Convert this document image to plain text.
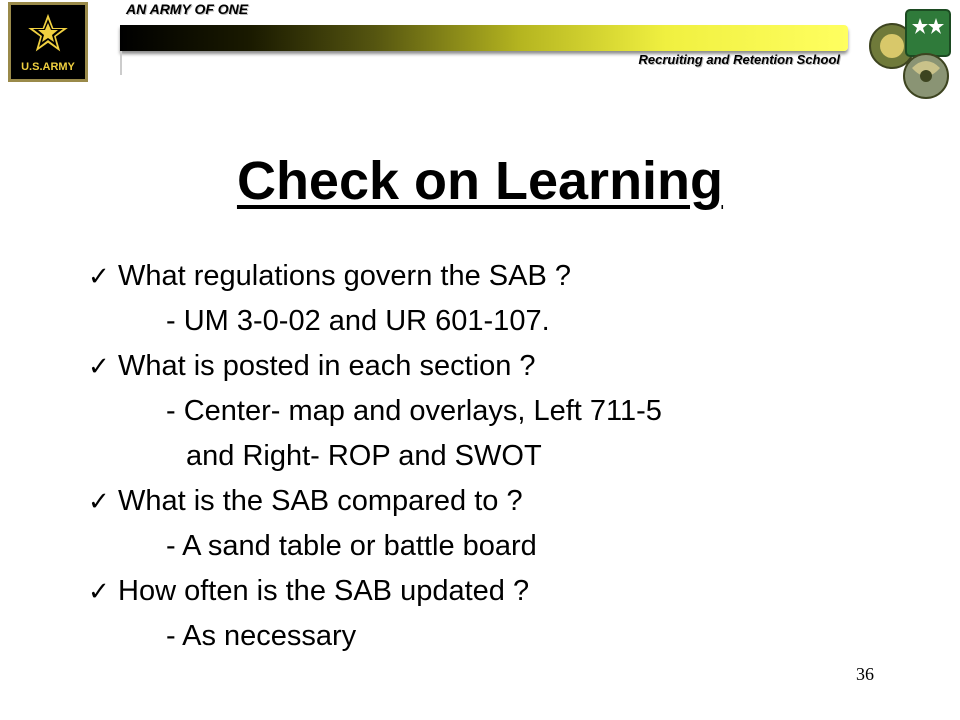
U.S.ARMY
AN ARMY OF ONE
Recruiting and Retention School
Check on Learning
✓ What regulations govern the SAB ?
- UM 3-0-02 and UR 601-107.
✓ What is posted in each section ?
- Center- map and overlays, Left 711-5
and Right- ROP and SWOT
✓ What is the SAB compared to ?
- A sand table or battle board
✓ How often is the SAB updated ?
- As necessary
36
